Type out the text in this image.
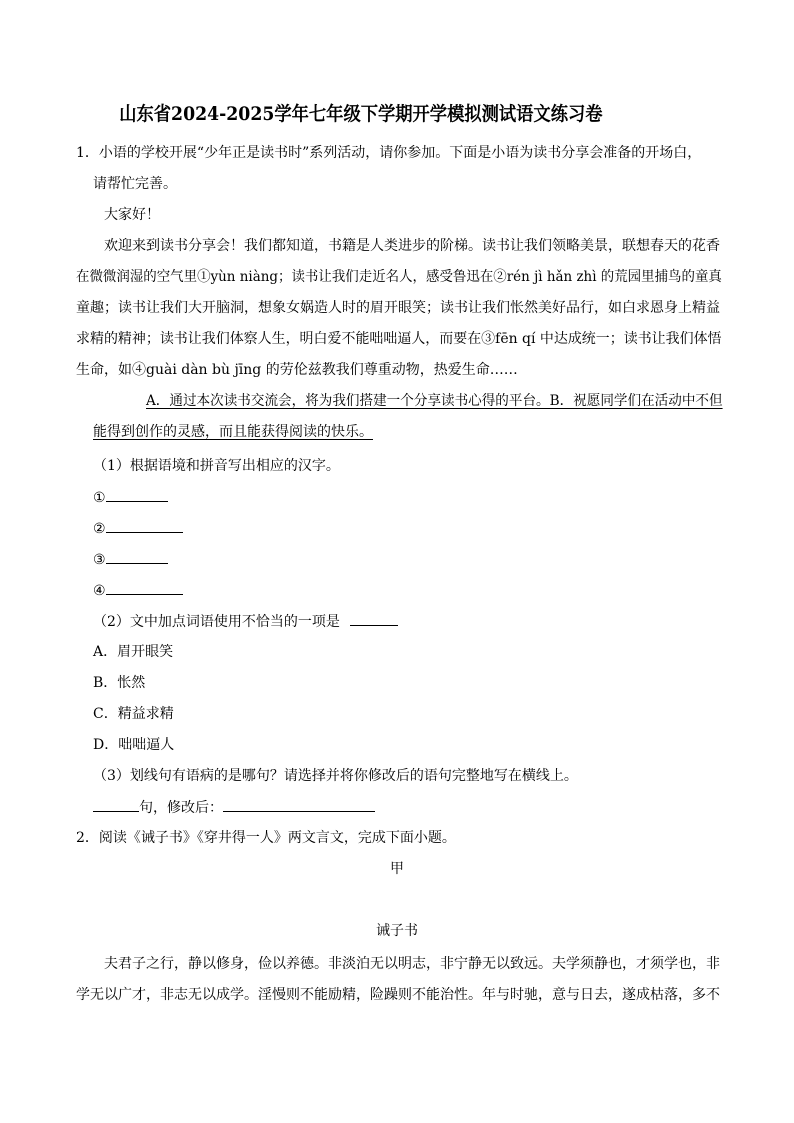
山东省2024-2025学年七年级下学期开学模拟测试语文练习卷
1．小语的学校开展“少年正是读书时”系列活动，请你参加。下面是小语为读书分享会准备的开场白，
请帮忙完善。
大家好！
欢迎来到读书分享会！我们都知道，书籍是人类进步的阶梯。读书让我们领略美景，联想春天的花香
在微微润湿的空气里①yùn niàng；读书让我们走近名人，感受鲁迅在②rén jì hǎn zhì 的荒园里捕鸟的童真
童趣；读书让我们大开脑洞，想象女娲造人时的眉开眼笑；读书让我们怅然美好品行，如白求恩身上精益
求精的精神；读书让我们体察人生，明白爱不能咄咄逼人，而要在③fēn qí 中达成统一；读书让我们体悟
生命，如④guài dàn bù jīng 的劳伦兹教我们尊重动物，热爱生命……
A．通过本次读书交流会，将为我们搭建一个分享读书心得的平台。B．祝愿同学们在活动中不但
能得到创作的灵感，而且能获得阅读的快乐。
（1）根据语境和拼音写出相应的汉字。
①
②
③
④
（2）文中加点词语使用不恰当的一项是
A．眉开眼笑
B．怅然
C．精益求精
D．咄咄逼人
（3）划线句有语病的是哪句？请选择并将你修改后的语句完整地写在横线上。
句，修改后：
2．阅读《诫子书》《穿井得一人》两文言文，完成下面小题。
甲
诫子书
夫君子之行，静以修身，俭以养德。非淡泊无以明志，非宁静无以致远。夫学须静也，才须学也，非
学无以广才，非志无以成学。淫慢则不能励精，险躁则不能治性。年与时驰，意与日去，遂成枯落，多不
